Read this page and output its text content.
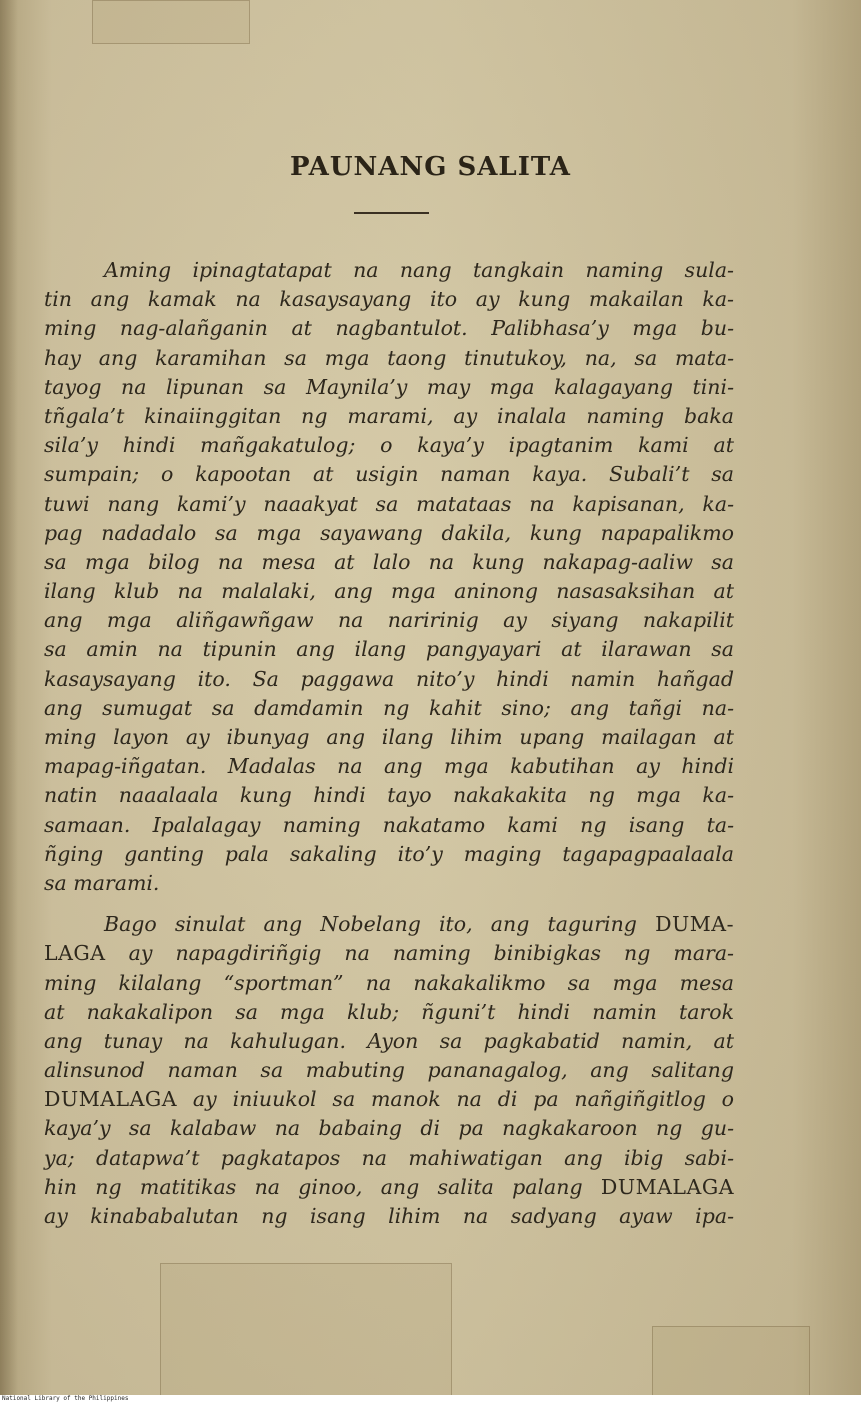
PAUNANG SALITA
Aming ipinagtatapat na nang tangkain naming sula-
tin ang kamak na kasaysayang ito ay kung makailan ka-
ming nag-alañganin at nagbantulot. Palibhasa’y mga bu-
hay ang karamihan sa mga taong tinutukoy, na, sa mata-
tayog na lipunan sa Maynila’y may mga kalagayang tini-
tñgala’t kinaiinggitan ng marami, ay inalala naming baka
sila’y hindi mañgakatulog; o kaya’y ipagtanim kami at
sumpain; o kapootan at usigin naman kaya. Subali’t sa
tuwi nang kami’y naaakyat sa matataas na kapisanan, ka-
pag nadadalo sa mga sayawang dakila, kung napapalikmo
sa mga bilog na mesa at lalo na kung nakapag-aaliw sa
ilang klub na malalaki, ang mga aninong nasasaksihan at
ang mga aliñgawñgaw na naririnig ay siyang nakapilit
sa amin na tipunin ang ilang pangyayari at ilarawan sa
kasaysayang ito. Sa paggawa nito’y hindi namin hañgad
ang sumugat sa damdamin ng kahit sino; ang tañgi na-
ming layon ay ibunyag ang ilang lihim upang mailagan at
mapag-iñgatan. Madalas na ang mga kabutihan ay hindi
natin naaalaala kung hindi tayo nakakakita ng mga ka-
samaan. Ipalalagay naming nakatamo kami ng isang ta-
ñging ganting pala sakaling ito’y maging tagapagpaalaala
sa marami.
Bago sinulat ang Nobelang ito, ang taguring DUMA-
LAGA ay napagdiriñgig na naming binibigkas ng mara-
ming kilalang “sportman” na nakakalikmo sa mga mesa
at nakakalipon sa mga klub; ñguni’t hindi namin tarok
ang tunay na kahulugan. Ayon sa pagkabatid namin, at
alinsunod naman sa mabuting pananagalog, ang salitang
DUMALAGA ay iniuukol sa manok na di pa nañgiñgitlog o
kaya’y sa kalabaw na babaing di pa nagkakaroon ng gu-
ya; datapwa’t pagkatapos na mahiwatigan ang ibig sabi-
hin ng matitikas na ginoo, ang salita palang DUMALAGA
ay kinababalutan ng isang lihim na sadyang ayaw ipa-
National Library of the Philippines
